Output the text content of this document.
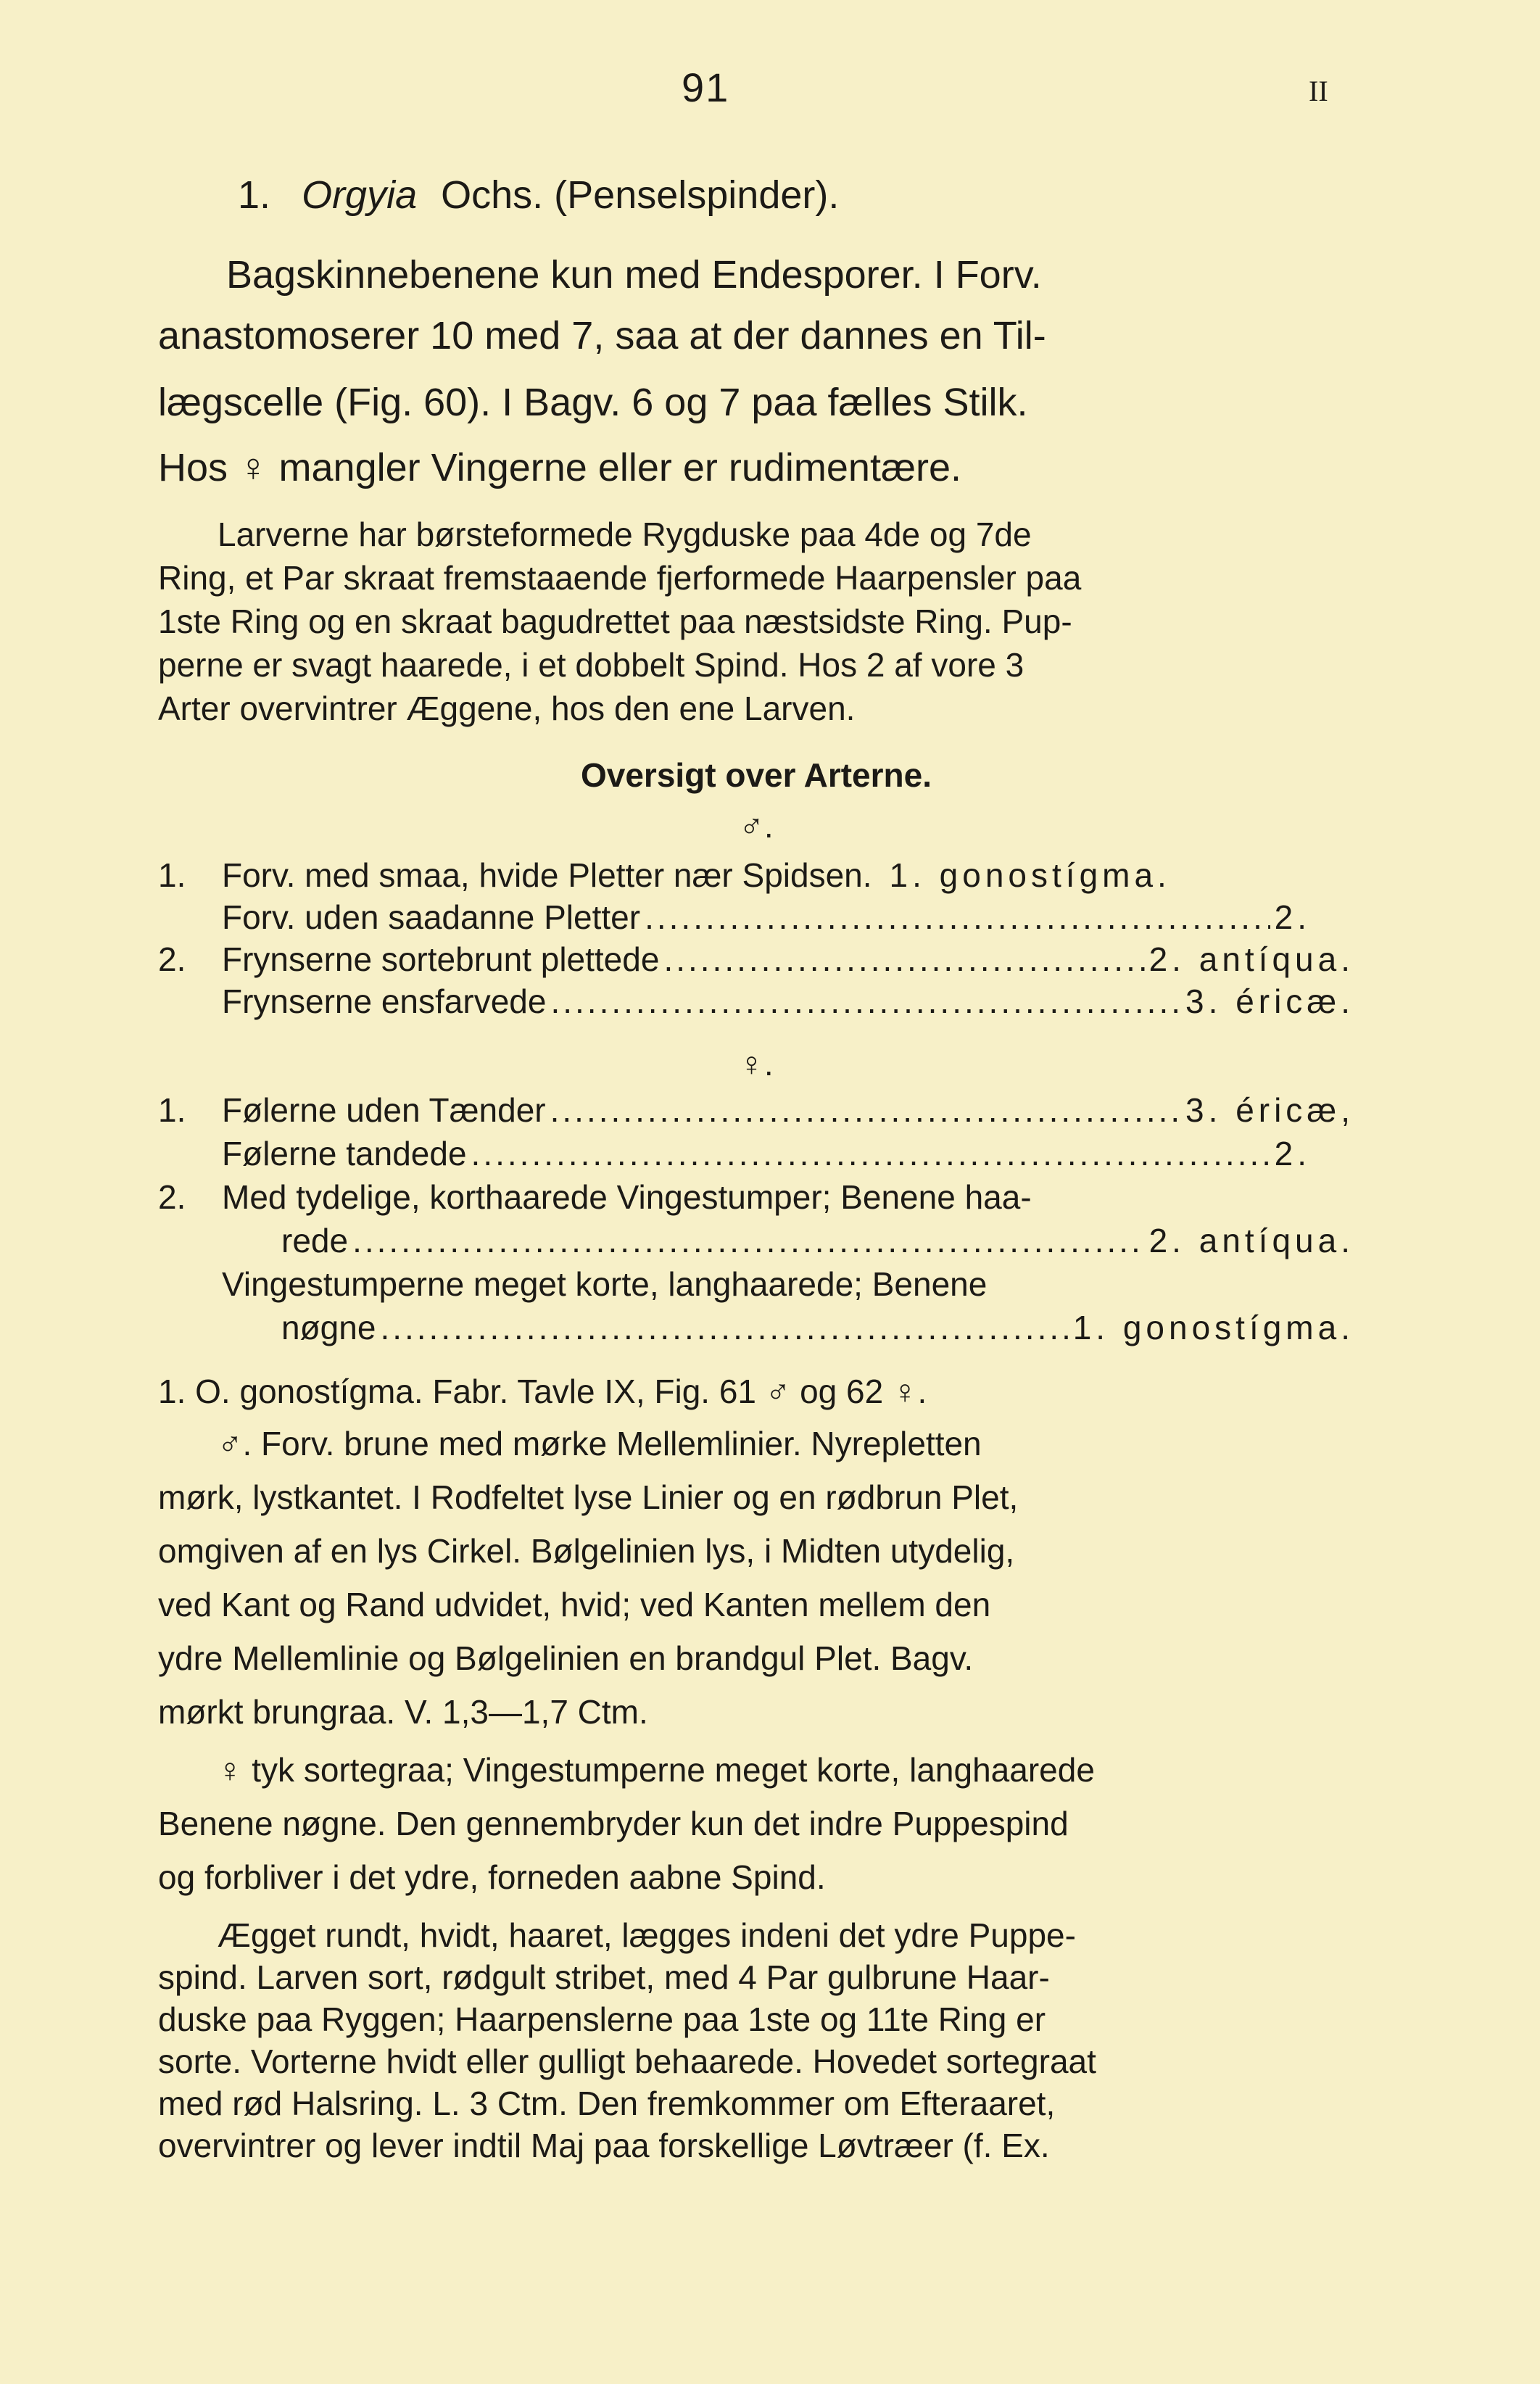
91	II
1. Orgyia Ochs. (Penselspinder).
Bagskinnebenene kun med Endesporer. I Forv.
anastomoserer 10 med 7, saa at der dannes en Til-
lægscelle (Fig. 60). I Bagv. 6 og 7 paa fælles Stilk.
Hos ♀ mangler Vingerne eller er rudimentære.
Larverne har børsteformede Rygduske paa 4de og 7de
Ring, et Par skraat fremstaaende fjerformede Haarpensler paa
1ste Ring og en skraat bagudrettet paa næstsidste Ring. Pup-
perne er svagt haarede, i et dobbelt Spind. Hos 2 af vore 3
Arter overvintrer Æggene, hos den ene Larven.
Oversigt over Arterne.
♂.
1.	Forv. med smaa, hvide Pletter nær Spidsen. 1. gonostígma.
Forv. uden saadanne Pletter .....	2.
2.	Frynserne sortebrunt plettede .....	2. antíqua.
Frynserne ensfarvede .....	3. éricæ.
♀.
1.	Følerne uden Tænder .....	3. éricæ,
Følerne tandede .....	2.
2.	Med tydelige, korthaarede Vingestumper; Benene haa-
rede .....	2. antíqua.
Vingestumperne meget korte, langhaarede; Benene
nøgne .....	1. gonostígma.
1. O. gonostígma. Fabr. Tavle IX, Fig. 61 ♂ og 62 ♀.
♂. Forv. brune med mørke Mellemlinier. Nyrepletten
mørk, lystkantet. I Rodfeltet lyse Linier og en rødbrun Plet,
omgiven af en lys Cirkel. Bølgelinien lys, i Midten utydelig,
ved Kant og Rand udvidet, hvid; ved Kanten mellem den
ydre Mellemlinie og Bølgelinien en brandgul Plet. Bagv.
mørkt brungraa. V. 1,3—1,7 Ctm.
♀ tyk sortegraa; Vingestumperne meget korte, langhaarede
Benene nøgne. Den gennembryder kun det indre Puppespind
og forbliver i det ydre, forneden aabne Spind.
Ægget rundt, hvidt, haaret, lægges indeni det ydre Puppe-
spind. Larven sort, rødgult stribet, med 4 Par gulbrune Haar-
duske paa Ryggen; Haarpenslerne paa 1ste og 11te Ring er
sorte. Vorterne hvidt eller gulligt behaarede. Hovedet sortegraat
med rød Halsring. L. 3 Ctm. Den fremkommer om Efteraaret,
overvintrer og lever indtil Maj paa forskellige Løvtræer (f. Ex.
